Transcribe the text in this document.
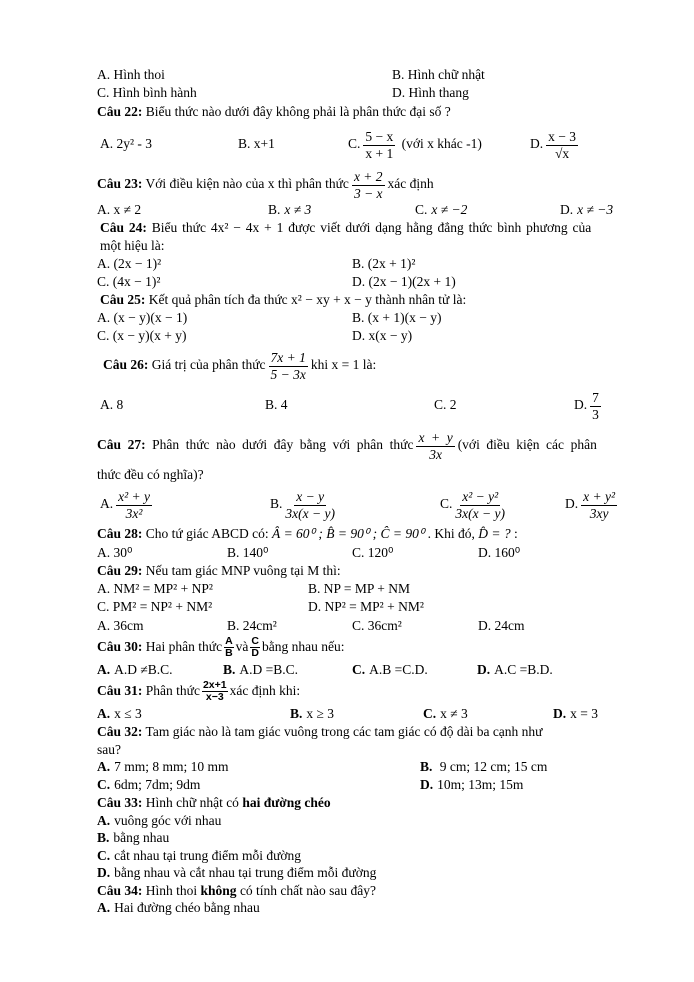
A. Hình thoi	B. Hình chữ nhật
C. Hình bình hành	D. Hình thang
Câu 22: Biểu thức nào dưới đây không phải là phân thức đại số ?
A. 2y² - 3	B. x+1	C. $\frac{5 - x}{x + 1}$ (với x khác -1)	D. $\frac{x - 3}{√x}$
Câu 23: Với điều kiện nào của x thì phân thức $\frac{x + 2}{3 - x}$ xác định
A. x ≠ 2	B. x ≠ 3	C. x ≠ −2	D. x ≠ −3
Câu 24: Biểu thức 4x² − 4x + 1 được viết dưới dạng hằng đẳng thức bình phương của
một hiệu là:
A. (2x − 1)²	B. (2x + 1)²
C. (4x − 1)²	D. (2x − 1)(2x + 1)
Câu 25: Kết quả phân tích đa thức x² − xy + x − y thành nhân tử là:
A. (x − y)(x − 1)	B. (x + 1)(x − y)
C. (x − y)(x + y)	D. x(x − y)
Câu 26: Giá trị của phân thức $\frac{7x + 1}{5 - 3x}$ khi x = 1 là:
A. 8	B. 4	C. 2	D. $\frac{7}{3}$
Câu 27: Phân thức nào dưới đây bằng với phân thức $\frac{x + y}{3x}$ (với điều kiện các phân
thức đều có nghĩa)?
A. $\frac{\text{x² + y}}{\text{3x²}}$	B. $\frac{x - y}{3x(x - y)}$	C. $\frac{\text{x² − y²}}{3x(x - y)}$	D. $\frac{\text{x + y²}}{3xy}$
Câu 28: Cho tứ giác ABCD có: Â = 60⁰ ; B̂ = 90⁰ ; Ĉ = 90⁰ . Khi đó, D̂ = ? :
A. 30⁰	B. 140⁰	C. 120⁰	D. 160⁰
Câu 29: Nếu tam giác MNP vuông tại M thì:
A. NM² = MP² + NP²	B. NP = MP + NM
C. PM² = NP² + NM²	D. NP² = MP² + NM²
A. 36cm	B. 24cm²	C. 36cm²	D. 24cm
Câu 30: Hai phân thức $\frac{A}{B}$ và $\frac{C}{D}$ bằng nhau nếu:
A. A.D ≠B.C.	B. A.D =B.C.	C. A.B =C.D.	D. A.C =B.D.
Câu 31: Phân thức $\frac{2x+1}{x-3}$ xác định khi:
A. x ≤ 3	B. x ≥ 3	C. x ≠ 3	D. x = 3
Câu 32: Tam giác nào là tam giác vuông trong các tam giác có độ dài ba cạnh như
sau?
A. 7 mm; 8 mm; 10 mm	B. 9 cm; 12 cm; 15 cm
C. 6dm; 7dm; 9dm	D. 10m; 13m; 15m
Câu 33: Hình chữ nhật có hai đường chéo
A. vuông góc với nhau
B. bằng nhau
C. cắt nhau tại trung điểm mỗi đường
D. bằng nhau và cắt nhau tại trung điểm mỗi đường
Câu 34: Hình thoi không có tính chất nào sau đây?
A. Hai đường chéo bằng nhau
